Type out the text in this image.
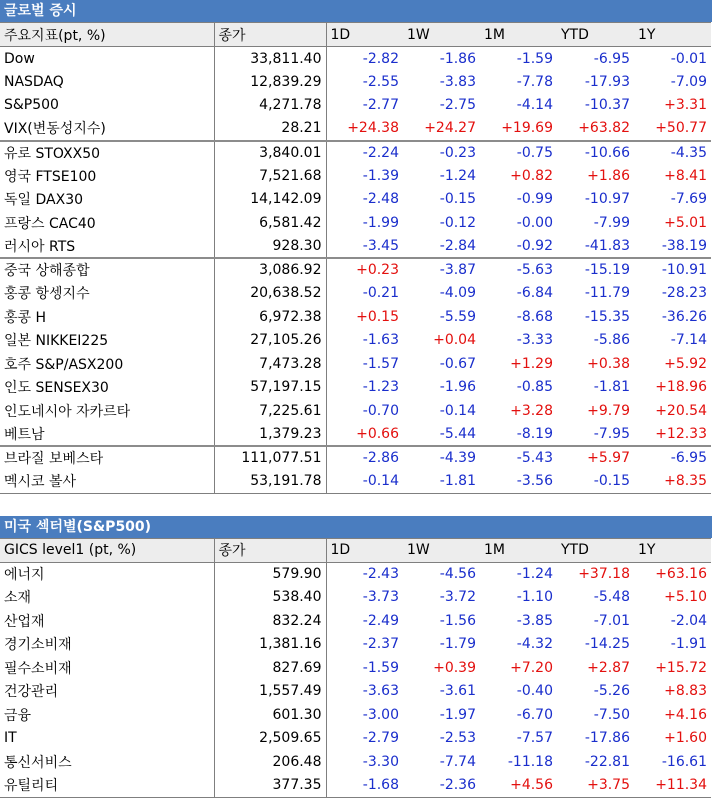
글로벌 증시
주요지표(pt, %)	종가	1D	1W	1M	YTD	1Y
Dow	33,811.40	-2.82	-1.86	-1.59	-6.95	-0.01
NASDAQ	12,839.29	-2.55	-3.83	-7.78	-17.93	-7.09
S&P500	4,271.78	-2.77	-2.75	-4.14	-10.37	+3.31
VIX(변동성지수)	28.21	+24.38	+24.27	+19.69	+63.82	+50.77
유로 STOXX50	3,840.01	-2.24	-0.23	-0.75	-10.66	-4.35
영국 FTSE100	7,521.68	-1.39	-1.24	+0.82	+1.86	+8.41
독일 DAX30	14,142.09	-2.48	-0.15	-0.99	-10.97	-7.69
프랑스 CAC40	6,581.42	-1.99	-0.12	-0.00	-7.99	+5.01
러시아 RTS	928.30	-3.45	-2.84	-0.92	-41.83	-38.19
중국 상해종합	3,086.92	+0.23	-3.87	-5.63	-15.19	-10.91
홍콩 항셍지수	20,638.52	-0.21	-4.09	-6.84	-11.79	-28.23
홍콩 H	6,972.38	+0.15	-5.59	-8.68	-15.35	-36.26
일본 NIKKEI225	27,105.26	-1.63	+0.04	-3.33	-5.86	-7.14
호주 S&P/ASX200	7,473.28	-1.57	-0.67	+1.29	+0.38	+5.92
인도 SENSEX30	57,197.15	-1.23	-1.96	-0.85	-1.81	+18.96
인도네시아 자카르타	7,225.61	-0.70	-0.14	+3.28	+9.79	+20.54
베트남	1,379.23	+0.66	-5.44	-8.19	-7.95	+12.33
브라질 보베스타	111,077.51	-2.86	-4.39	-5.43	+5.97	-6.95
멕시코 볼사	53,191.78	-0.14	-1.81	-3.56	-0.15	+8.35
미국 섹터별(S&P500)
GICS level1 (pt, %)	종가	1D	1W	1M	YTD	1Y
에너지	579.90	-2.43	-4.56	-1.24	+37.18	+63.16
소재	538.40	-3.73	-3.72	-1.10	-5.48	+5.10
산업재	832.24	-2.49	-1.56	-3.85	-7.01	-2.04
경기소비재	1,381.16	-2.37	-1.79	-4.32	-14.25	-1.91
필수소비재	827.69	-1.59	+0.39	+7.20	+2.87	+15.72
건강관리	1,557.49	-3.63	-3.61	-0.40	-5.26	+8.83
금융	601.30	-3.00	-1.97	-6.70	-7.50	+4.16
IT	2,509.65	-2.79	-2.53	-7.57	-17.86	+1.60
통신서비스	206.48	-3.30	-7.74	-11.18	-22.81	-16.61
유틸리티	377.35	-1.68	-2.36	+4.56	+3.75	+11.34
